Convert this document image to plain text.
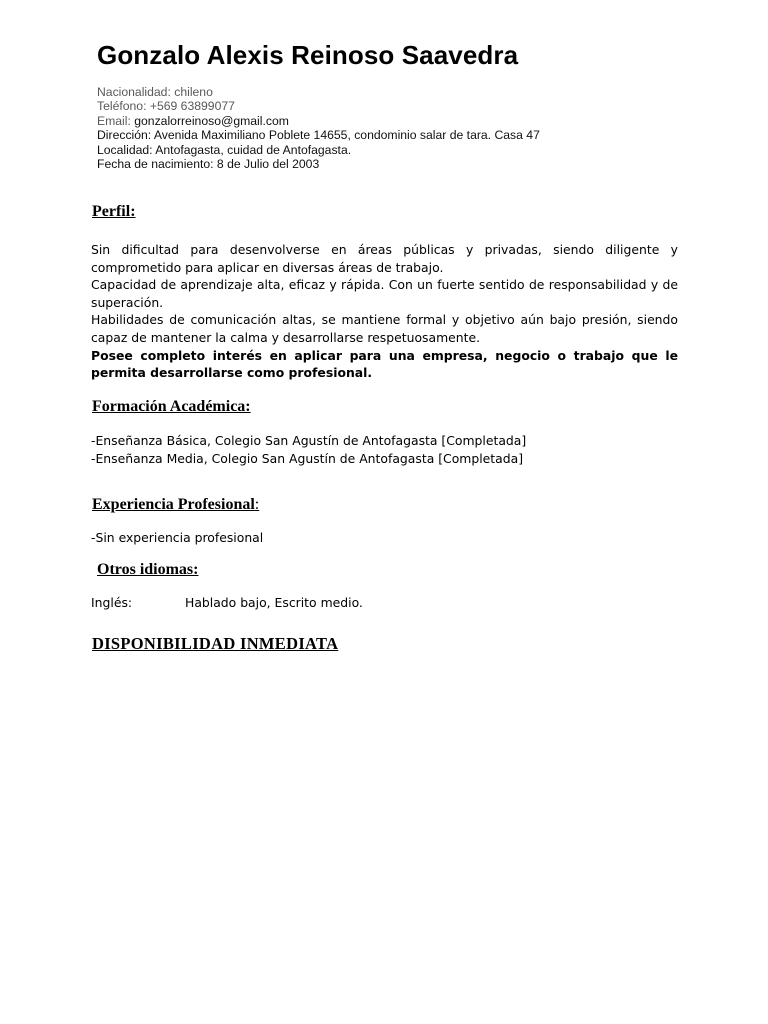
Gonzalo Alexis Reinoso Saavedra
Nacionalidad: chileno
Teléfono: +569 63899077
Email: gonzalorreinoso@gmail.com
Dirección: Avenida Maximiliano Poblete 14655, condominio salar de tara. Casa 47
Localidad: Antofagasta, cuidad de Antofagasta.
Fecha de nacimiento: 8 de Julio del 2003
Perfil:

Sin dificultad para desenvolverse en áreas públicas y privadas, siendo diligente y comprometido para aplicar en diversas áreas de trabajo.

Capacidad de aprendizaje alta, eficaz y rápida. Con un fuerte sentido de responsabilidad y de superación.

Habilidades de comunicación altas, se mantiene formal y objetivo aún bajo presión, siendo capaz de mantener la calma y desarrollarse respetuosamente.

Posee completo interés en aplicar para una empresa, negocio o trabajo que le permita desarrollarse como profesional.

Formación Académica:
-Enseñanza Básica, Colegio San Agustín de Antofagasta [Completada]
-Enseñanza Media, Colegio San Agustín de Antofagasta [Completada]
Experiencia Profesional:
-Sin experiencia profesional
Otros idiomas:
Inglés:	Hablado bajo, Escrito medio.
DISPONIBILIDAD INMEDIATA
